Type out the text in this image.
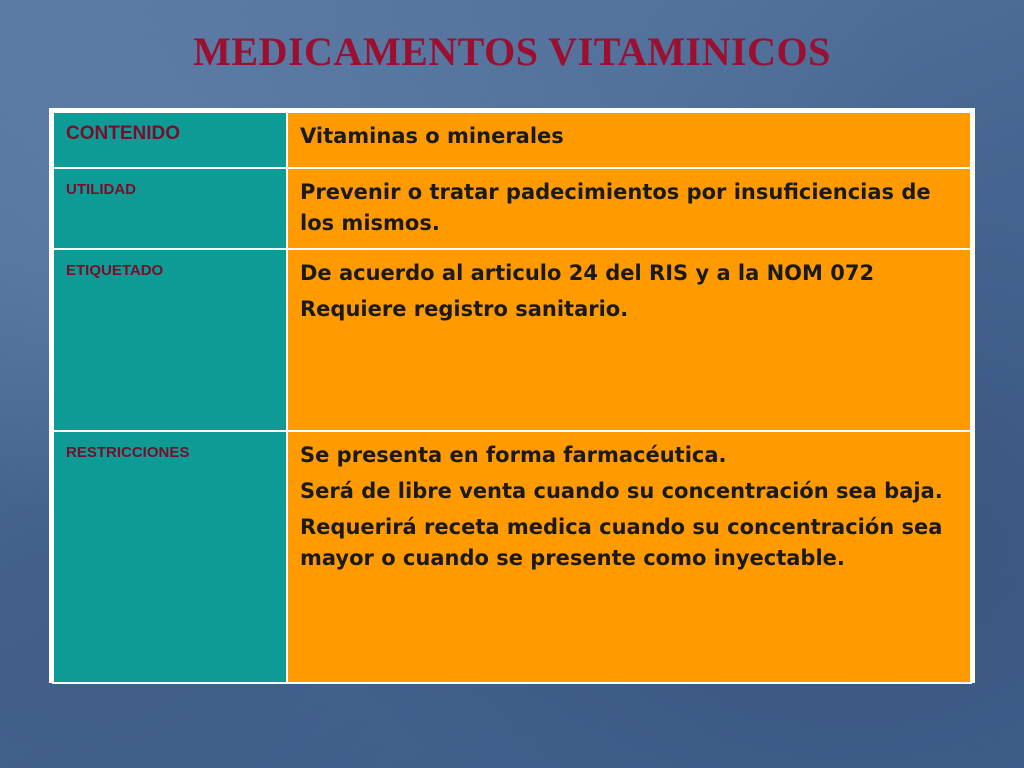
MEDICAMENTOS VITAMINICOS
CONTENIDO	Vitaminas o minerales

UTILIDAD	Prevenir o tratar padecimientos por insuficiencias de los mismos.

ETIQUETADO	De acuerdo al articulo 24 del RIS y a la NOM 072
Requiere registro sanitario.

RESTRICCIONES	Se presenta en forma farmacéutica.
Será de libre venta cuando su concentración sea baja.
Requerirá receta medica cuando su concentración sea mayor o cuando se presente como inyectable.
